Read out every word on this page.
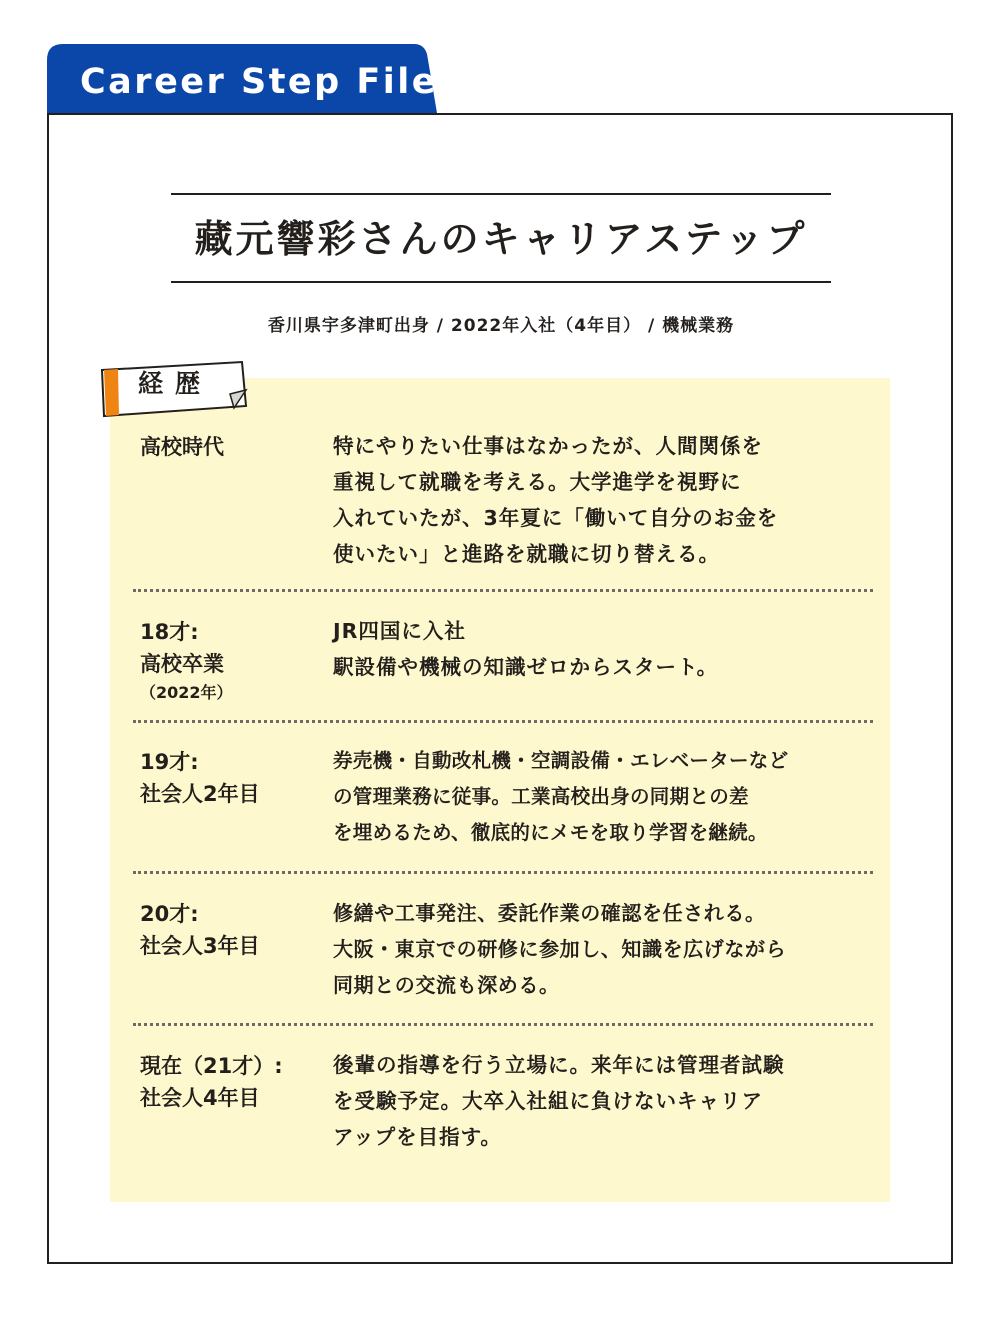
Career Step File
藏元響彩さんのキャリアステップ
香川県宇多津町出身 / 2022年入社（4年目） / 機械業務
経歴
高校時代	特にやりたい仕事はなかったが、人間関係を
重視して就職を考える。大学進学を視野に
入れていたが、3年夏に「働いて自分のお金を
使いたい」と進路を就職に切り替える。
18才:
高校卒業
（2022年）
JR四国に入社
駅設備や機械の知識ゼロからスタート。
19才:
社会人2年目
券売機・自動改札機・空調設備・エレベーターなど
の管理業務に従事。工業高校出身の同期との差
を埋めるため、徹底的にメモを取り学習を継続。
20才:
社会人3年目
修繕や工事発注、委託作業の確認を任される。
大阪・東京での研修に参加し、知識を広げながら
同期との交流も深める。
現在（21才）:
社会人4年目
後輩の指導を行う立場に。来年には管理者試験
を受験予定。大卒入社組に負けないキャリア
アップを目指す。
